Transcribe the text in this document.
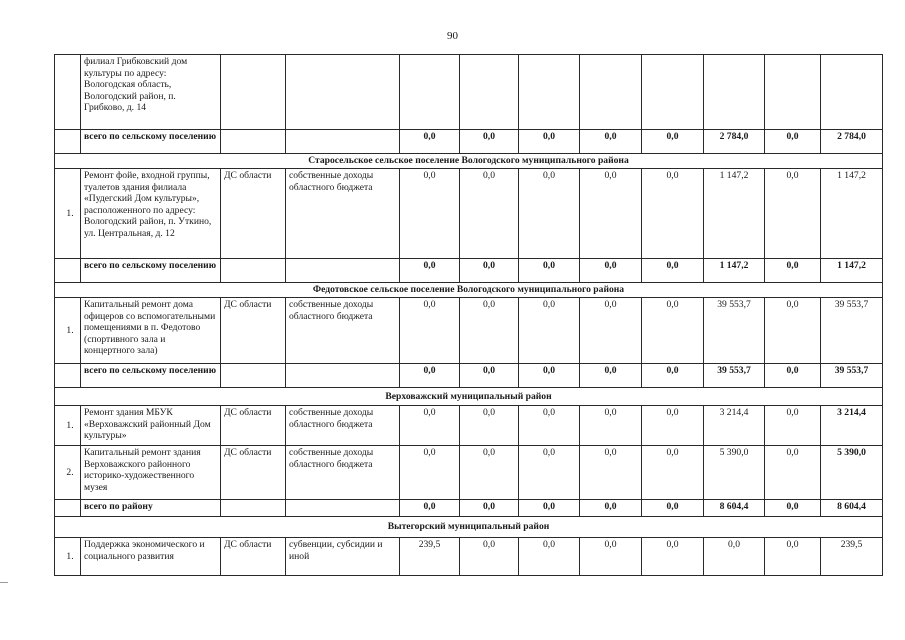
90
	филиал Грибковский дом культуры по адресу: Вологодская область, Вологодский район, п. Грибково, д. 14										
	всего по сельскому поселению			0,0	0,0	0,0	0,0	0,0	2 784,0	0,0	2 784,0
Старосельское сельское поселение Вологодского муниципального района											
1.	Ремонт фойе, входной группы, туалетов здания филиала «Пудегский Дом культуры», расположенного по адресу: Вологодский район, п. Уткино, ул. Центральная, д. 12	ДС области	собственные доходы областного бюджета	0,0	0,0	0,0	0,0	0,0	1 147,2	0,0	1 147,2
	всего по сельскому поселению			0,0	0,0	0,0	0,0	0,0	1 147,2	0,0	1 147,2
Федотовское сельское поселение Вологодского муниципального района											
1.	Капитальный ремонт дома офицеров со вспомогательными помещениями в п. Федотово (спортивного зала и концертного зала)	ДС области	собственные доходы областного бюджета	0,0	0,0	0,0	0,0	0,0	39 553,7	0,0	39 553,7
	всего по сельскому поселению			0,0	0,0	0,0	0,0	0,0	39 553,7	0,0	39 553,7
Верховажский муниципальный район											
1.	Ремонт здания МБУК «Верховажский районный Дом культуры»	ДС области	собственные доходы областного бюджета	0,0	0,0	0,0	0,0	0,0	3 214,4	0,0	3 214,4
2.	Капитальный ремонт здания Верховажского районного историко-художественного музея	ДС области	собственные доходы областного бюджета	0,0	0,0	0,0	0,0	0,0	5 390,0	0,0	5 390,0
	всего по району			0,0	0,0	0,0	0,0	0,0	8 604,4	0,0	8 604,4
Вытегорский муниципальный район											
1.	Поддержка экономического и социального развития	ДС области	субвенции, субсидии и иной	239,5	0,0	0,0	0,0	0,0	0,0	0,0	239,5
